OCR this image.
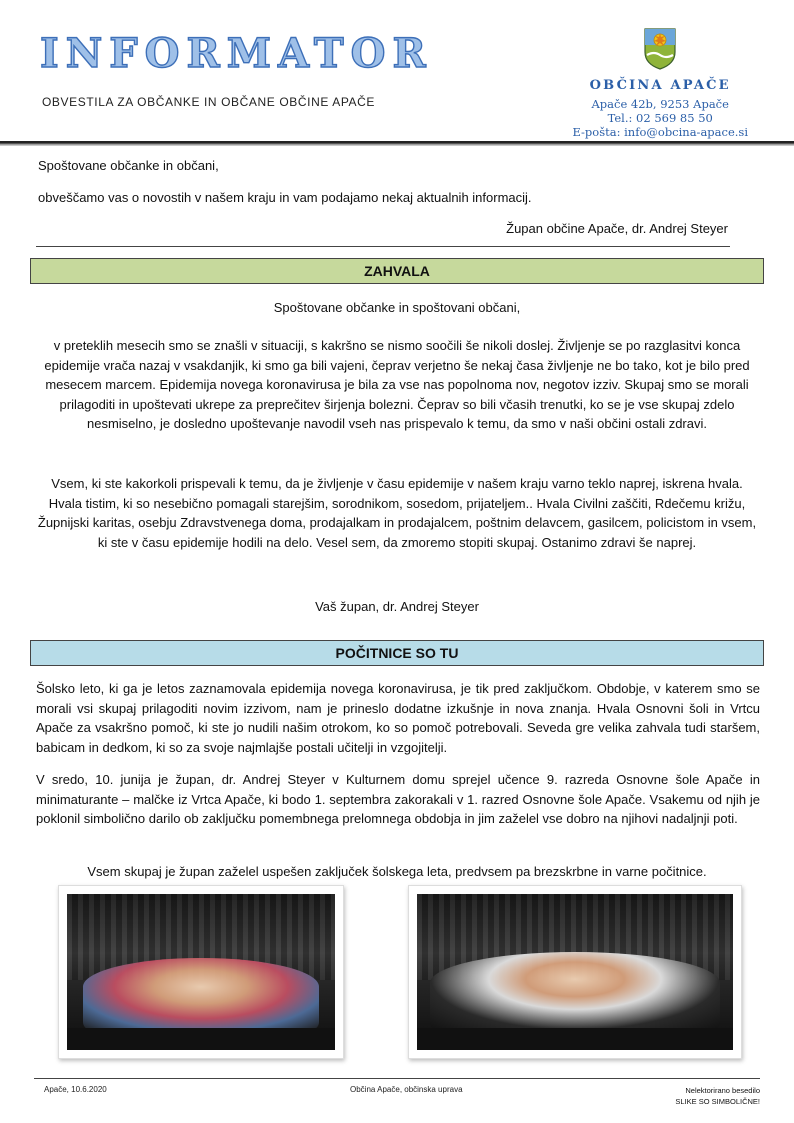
INFORMATOR
OBVESTILA ZA OBČANKE IN OBČANE OBČINE APAČE
OBČINA APAČE
Apače 42b, 9253 Apače
Tel.: 02 569 85 50
E-pošta: info@obcina-apace.si
Spoštovane občanke in občani,
obveščamo vas o novostih v našem kraju in vam podajamo nekaj aktualnih informacij.
Župan občine Apače, dr. Andrej Steyer
ZAHVALA
Spoštovane občanke in spoštovani občani,
v preteklih mesecih smo se znašli v situaciji, s kakršno se nismo soočili še nikoli doslej. Življenje se po razglasitvi konca epidemije vrača nazaj v vsakdanjik, ki smo ga bili vajeni, čeprav verjetno še nekaj časa življenje ne bo tako, kot je bilo pred mesecem marcem. Epidemija novega koronavirusa je bila za vse nas popolnoma nov, negotov izziv. Skupaj smo se morali prilagoditi in upoštevati ukrepe za preprečitev širjenja bolezni. Čeprav so bili včasih trenutki, ko se je vse skupaj zdelo nesmiselno, je dosledno upoštevanje navodil vseh nas prispevalo k temu, da smo v naši občini ostali zdravi.
Vsem, ki ste kakorkoli prispevali k temu, da je življenje v času epidemije v našem kraju varno teklo naprej, iskrena hvala. Hvala tistim, ki so nesebično pomagali starejšim, sorodnikom, sosedom, prijateljem.. Hvala Civilni zaščiti, Rdečemu križu, Župnijski karitas, osebju Zdravstvenega doma, prodajalkam in prodajalcem, poštnim delavcem, gasilcem, policistom in vsem, ki ste v času epidemije hodili na delo. Vesel sem, da zmoremo stopiti skupaj. Ostanimo zdravi še naprej.
Vaš župan, dr. Andrej Steyer
POČITNICE SO TU
Šolsko leto, ki ga je letos zaznamovala epidemija novega koronavirusa, je tik pred zaključkom. Obdobje, v katerem smo se morali vsi skupaj prilagoditi novim izzivom, nam je prineslo dodatne izkušnje in nova znanja. Hvala Osnovni šoli in Vrtcu Apače za vsakršno pomoč, ki ste jo nudili našim otrokom, ko so pomoč potrebovali. Seveda gre velika zahvala tudi staršem, babicam in dedkom, ki so za svoje najmlajše postali učitelji in vzgojitelji.
V sredo, 10. junija je župan, dr. Andrej Steyer v Kulturnem domu sprejel učence 9. razreda Osnovne šole Apače in minimaturante – malčke iz Vrtca Apače, ki bodo 1. septembra zakorakali v 1. razred Osnovne šole Apače. Vsakemu od njih je poklonil simbolično darilo ob zaključku pomembnega prelomnega obdobja in jim zaželel vse dobro na njihovi nadaljnji poti.
Vsem skupaj je župan zaželel uspešen zaključek šolskega leta, predvsem pa brezskrbne in varne počitnice.
Apače, 10.6.2020	Občina Apače, občinska uprava	Nelektorirano besedilo
SLIKE SO SIMBOLIČNE!
